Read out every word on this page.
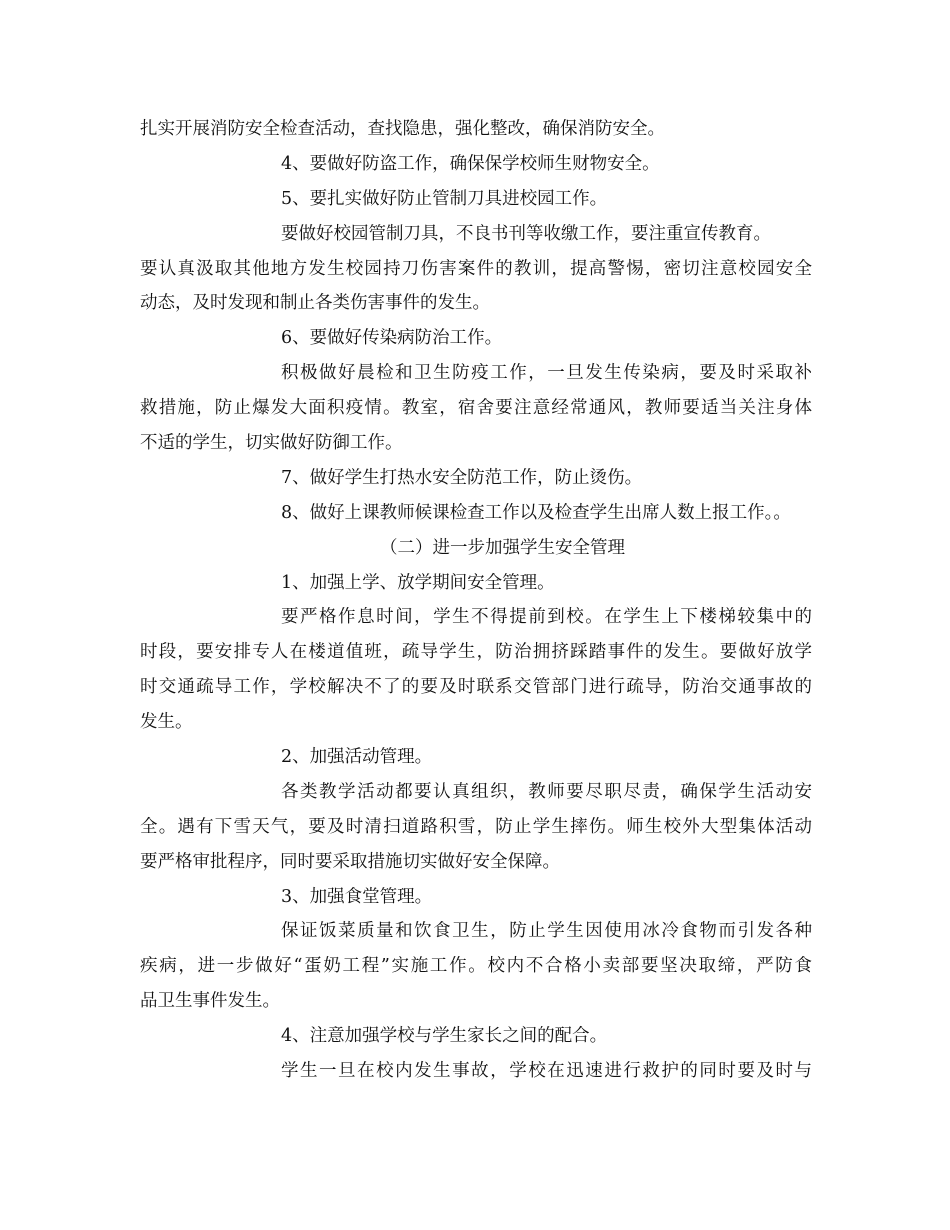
扎实开展消防安全检查活动，查找隐患，强化整改，确保消防安全。
4、要做好防盗工作，确保保学校师生财物安全。
5、要扎实做好防止管制刀具进校园工作。
要做好校园管制刀具，不良书刊等收缴工作，要注重宣传教育。
要认真汲取其他地方发生校园持刀伤害案件的教训，提高警惕，密切注意校园安全
动态，及时发现和制止各类伤害事件的发生。
6、要做好传染病防治工作。
积极做好晨检和卫生防疫工作，一旦发生传染病，要及时采取补
救措施，防止爆发大面积疫情。教室，宿舍要注意经常通风，教师要适当关注身体
不适的学生，切实做好防御工作。
7、做好学生打热水安全防范工作，防止烫伤。
8、做好上课教师候课检查工作以及检查学生出席人数上报工作。。
（二）进一步加强学生安全管理
1、加强上学、放学期间安全管理。
要严格作息时间，学生不得提前到校。在学生上下楼梯较集中的
时段，要安排专人在楼道值班，疏导学生，防治拥挤踩踏事件的发生。要做好放学
时交通疏导工作，学校解决不了的要及时联系交管部门进行疏导，防治交通事故的
发生。
2、加强活动管理。
各类教学活动都要认真组织，教师要尽职尽责，确保学生活动安
全。遇有下雪天气，要及时清扫道路积雪，防止学生摔伤。师生校外大型集体活动
要严格审批程序，同时要采取措施切实做好安全保障。
3、加强食堂管理。
保证饭菜质量和饮食卫生，防止学生因使用冰冷食物而引发各种
疾病，进一步做好“蛋奶工程”实施工作。校内不合格小卖部要坚决取缔，严防食
品卫生事件发生。
4、注意加强学校与学生家长之间的配合。
学生一旦在校内发生事故，学校在迅速进行救护的同时要及时与
